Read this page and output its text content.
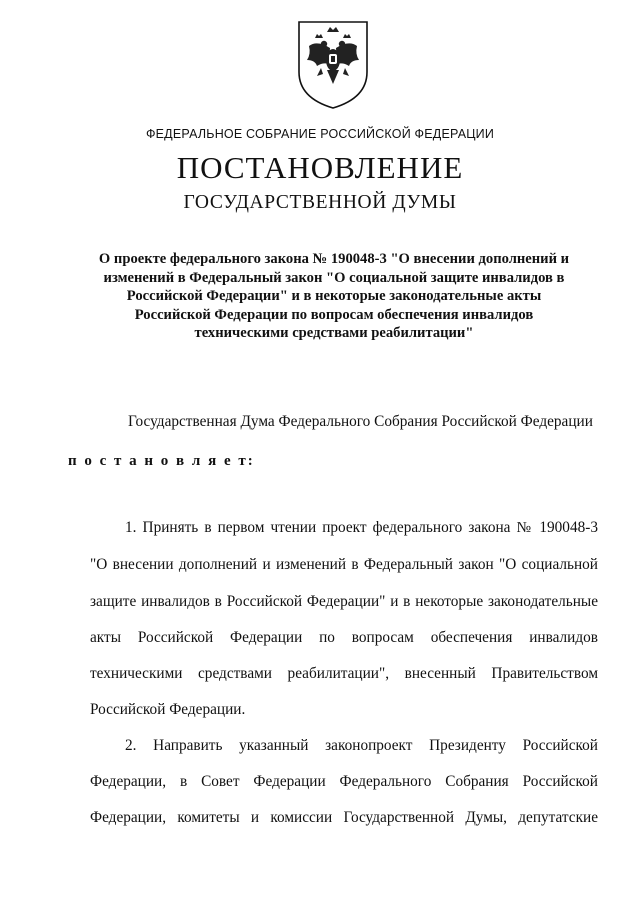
ФЕДЕРАЛЬНОЕ СОБРАНИЕ РОССИЙСКОЙ ФЕДЕРАЦИИ
ПОСТАНОВЛЕНИЕ
ГОСУДАРСТВЕННОЙ ДУМЫ
О проекте федерального закона № 190048-3 "О внесении дополнений и
изменений в Федеральный закон "О социальной защите инвалидов в
Российской Федерации" и в некоторые законодательные акты
Российской Федерации по вопросам обеспечения инвалидов
техническими средствами реабилитации"
Государственная Дума Федерального Собрания Российской Федерации
п о с т а н о в л я е т:
1. Принять в первом чтении проект федерального закона № 190048-3
"О внесении дополнений и изменений в Федеральный закон "О социальной
защите инвалидов в Российской Федерации" и в некоторые законодательные
акты Российской Федерации по вопросам обеспечения инвалидов
техническими средствами реабилитации", внесенный Правительством
Российской Федерации.
2. Направить указанный законопроект Президенту Российской
Федерации, в Совет Федерации Федерального Собрания Российской
Федерации, комитеты и комиссии Государственной Думы, депутатские
